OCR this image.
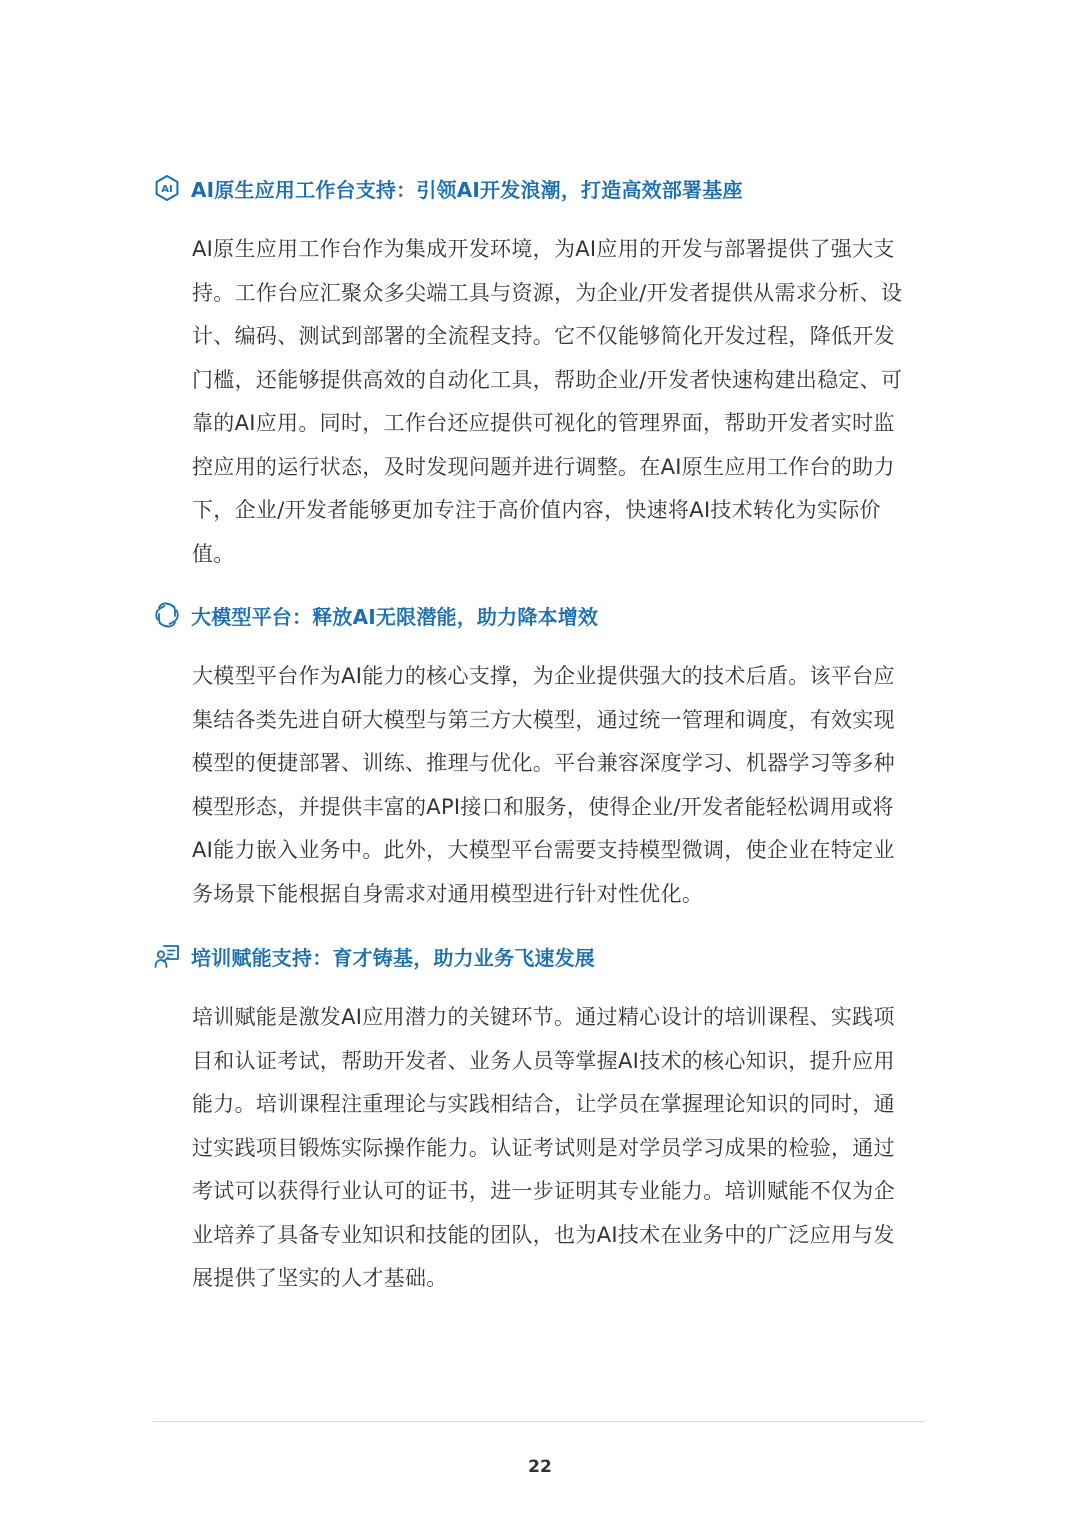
AI AI原生应用工作台支持：引领AI开发浪潮，打造高效部署基座
AI原生应用工作台作为集成开发环境，为AI应用的开发与部署提供了强大支
持。工作台应汇聚众多尖端工具与资源，为企业/开发者提供从需求分析、设
计、编码、测试到部署的全流程支持。它不仅能够简化开发过程，降低开发
门槛，还能够提供高效的自动化工具，帮助企业/开发者快速构建出稳定、可
靠的AI应用。同时，工作台还应提供可视化的管理界面，帮助开发者实时监
控应用的运行状态，及时发现问题并进行调整。在AI原生应用工作台的助力
下，企业/开发者能够更加专注于高价值内容，快速将AI技术转化为实际价
值。
大模型平台：释放AI无限潜能，助力降本增效
大模型平台作为AI能力的核心支撑，为企业提供强大的技术后盾。该平台应
集结各类先进自研大模型与第三方大模型，通过统一管理和调度，有效实现
模型的便捷部署、训练、推理与优化。平台兼容深度学习、机器学习等多种
模型形态，并提供丰富的API接口和服务，使得企业/开发者能轻松调用或将
AI能力嵌入业务中。此外，大模型平台需要支持模型微调，使企业在特定业
务场景下能根据自身需求对通用模型进行针对性优化。
培训赋能支持：育才铸基，助力业务飞速发展
培训赋能是激发AI应用潜力的关键环节。通过精心设计的培训课程、实践项
目和认证考试，帮助开发者、业务人员等掌握AI技术的核心知识，提升应用
能力。培训课程注重理论与实践相结合，让学员在掌握理论知识的同时，通
过实践项目锻炼实际操作能力。认证考试则是对学员学习成果的检验，通过
考试可以获得行业认可的证书，进一步证明其专业能力。培训赋能不仅为企
业培养了具备专业知识和技能的团队，也为AI技术在业务中的广泛应用与发
展提供了坚实的人才基础。
22
